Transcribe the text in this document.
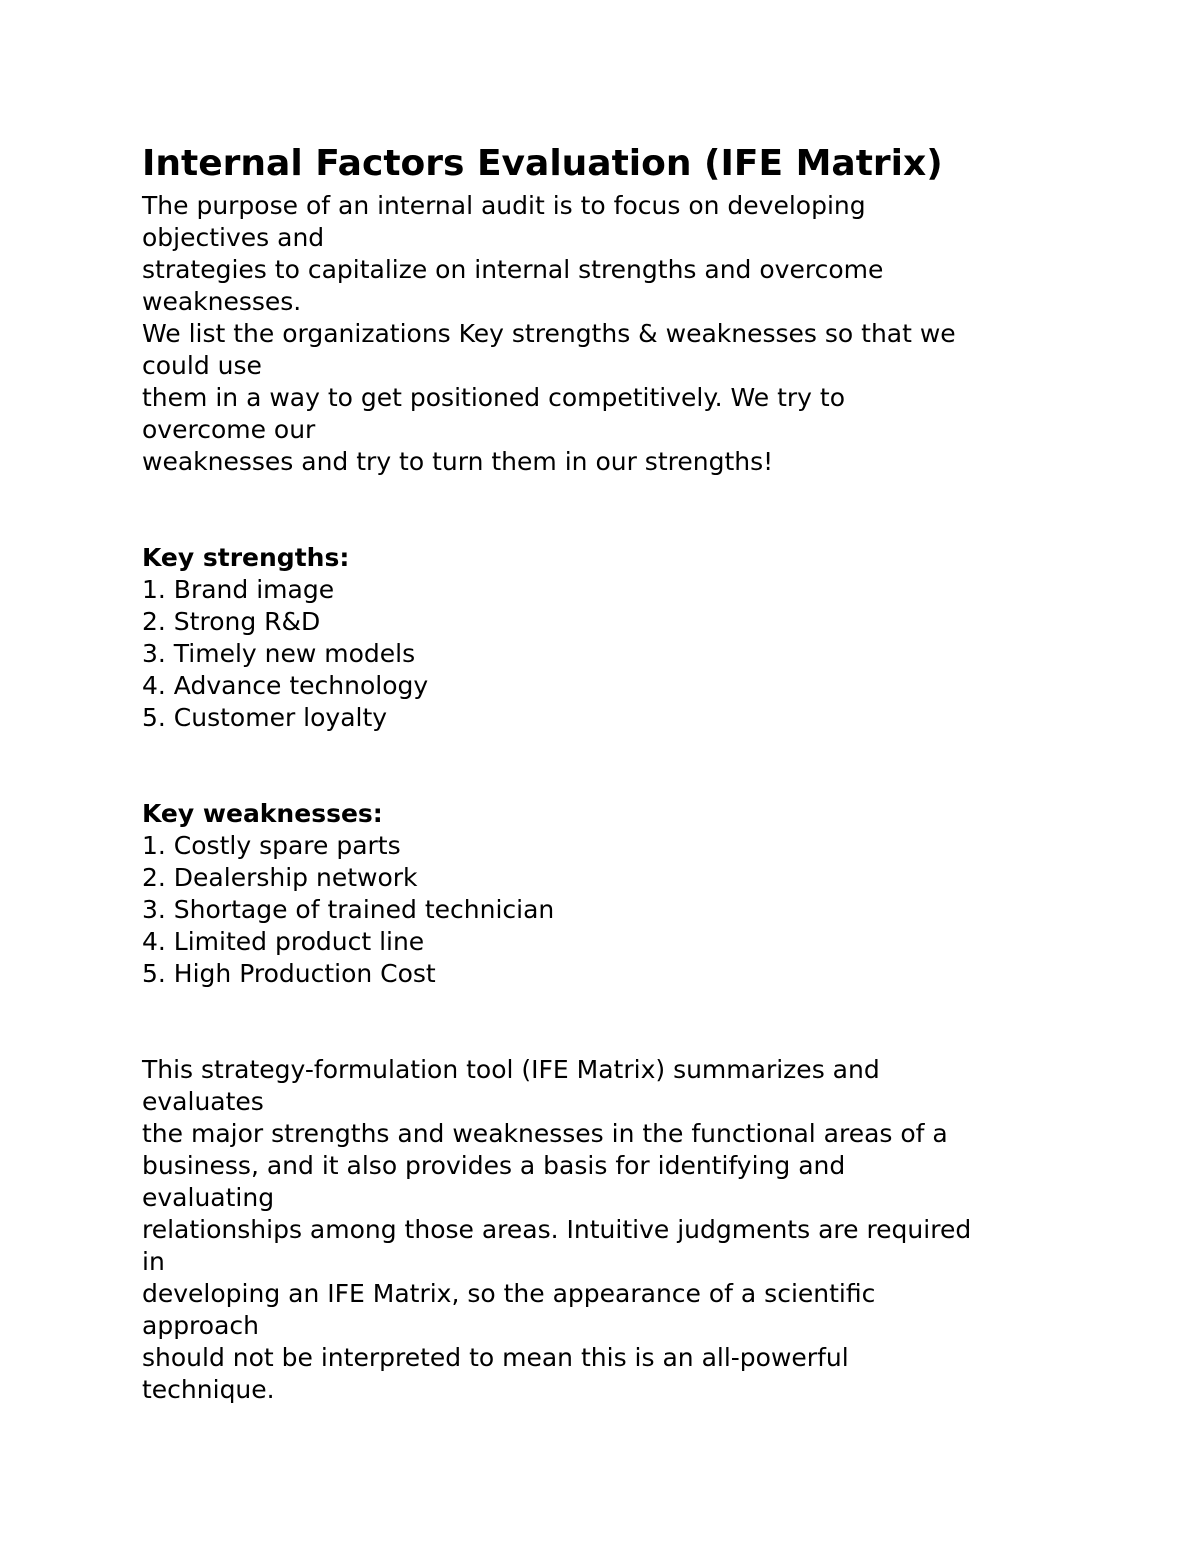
Internal Factors Evaluation (IFE Matrix)
The purpose of an internal audit is to focus on developing
objectives and
strategies to capitalize on internal strengths and overcome
weaknesses.
We list the organizations Key strengths & weaknesses so that we
could use
them in a way to get positioned competitively. We try to
overcome our
weaknesses and try to turn them in our strengths!
Key strengths:
1. Brand image
2. Strong R&D
3. Timely new models
4. Advance technology
5. Customer loyalty
Key weaknesses:
1. Costly spare parts
2. Dealership network
3. Shortage of trained technician
4. Limited product line
5. High Production Cost
This strategy-formulation tool (IFE Matrix) summarizes and
evaluates
the major strengths and weaknesses in the functional areas of a
business, and it also provides a basis for identifying and
evaluating
relationships among those areas. Intuitive judgments are required
in
developing an IFE Matrix, so the appearance of a scientific
approach
should not be interpreted to mean this is an all-powerful
technique.
